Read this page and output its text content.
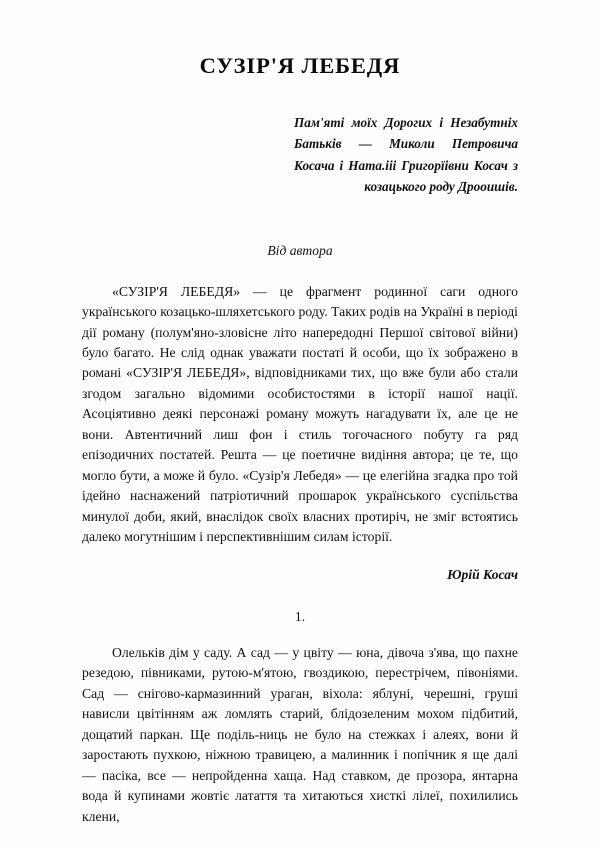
СУЗІР'Я ЛЕБЕДЯ

Пам'яті моїх Дорогих і Незабутніх Батьків — Миколи Петровича Косача і Ната.ііі Григорїівни Косач з козацького роду Дрооишів.

Від автора

«СУЗІР'Я ЛЕБЕДЯ» — це фрагмент родинної саги одного українського козацько-шляхетського роду. Таких родів на Україні в періоді дії роману (полум'яно-зловісне літо напередодні Першої світової війни) було багато. Не слід однак уважати постаті й особи, що їх зображено в романі «СУЗІР'Я ЛЕБЕДЯ», відповідниками тих, що вже були або стали згодом загально відомими особистостями в історії нашої нації. Асоціятивно деякі персонажі роману можуть нагадувати їх, але це не вони. Автентичний лиш фон і стиль тогочасного побуту га ряд епізодичних постатей. Решта — це поетичне видіння автора; це те, що могло бути, а може й було. «Сузір'я Лебедя» — це елегійна згадка про той ідейно наснажений патріотичний прошарок українського суспільства минулої доби, який, внаслідок своїх власних протиріч, не зміг встоятись далеко могутнішим і перспективнішим силам історії.

Юрій Косач

1.

Олельків дім у саду. А сад — у цвіту — юна, дівоча з'ява, що пахне резедою, півниками, рутою-м'ятою, гвоздикою, перестрічем, півоніями. Сад — снігово-кармазинний ураган, віхола: яблуні, черешні, груші нависли цвітінням аж ломлять старий, блідозеленим мохом підбитий, дощатий паркан. Ще поділь-ниць не було на стежках і алеях, вони й заростають пухкою, ніжною травицею, а малинник і попічник я ще далі — пасіка, все — непройденна хаща. Над ставком, де прозора, янтарна вода й купинами жовтіє латаття та хитаються хисткі лілеї, похилились клени,
